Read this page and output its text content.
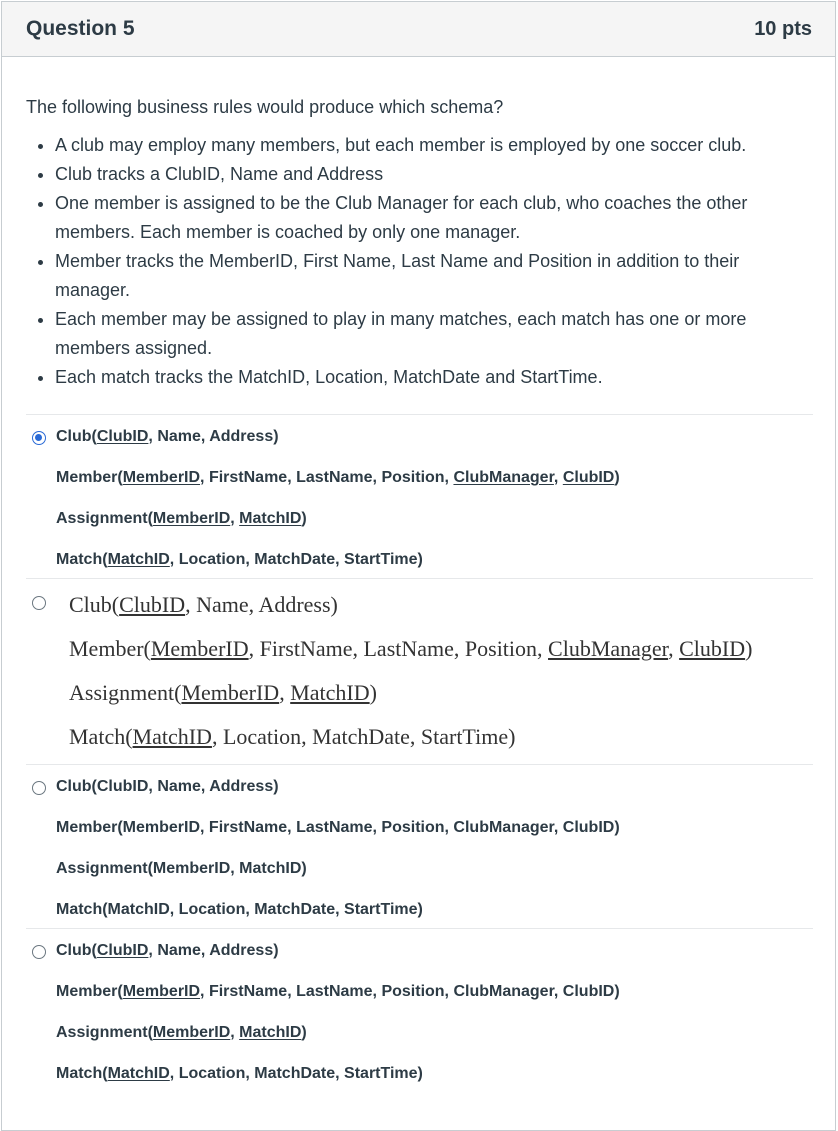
Question 5	10 pts
The following business rules would produce which schema?
• A club may employ many members, but each member is employed by one soccer club.
• Club tracks a ClubID, Name and Address
• One member is assigned to be the Club Manager for each club, who coaches the other members. Each member is coached by only one manager.
• Member tracks the MemberID, First Name, Last Name and Position in addition to their manager.
• Each member may be assigned to play in many matches, each match has one or more members assigned.
• Each match tracks the MatchID, Location, MatchDate and StartTime.
Club(ClubID, Name, Address)
Member(MemberID, FirstName, LastName, Position, ClubManager, ClubID)
Assignment(MemberID, MatchID)
Match(MatchID, Location, MatchDate, StartTime)
Club(ClubID, Name, Address)
Member(MemberID, FirstName, LastName, Position, ClubManager, ClubID)
Assignment(MemberID, MatchID)
Match(MatchID, Location, MatchDate, StartTime)
Club(ClubID, Name, Address)
Member(MemberID, FirstName, LastName, Position, ClubManager, ClubID)
Assignment(MemberID, MatchID)
Match(MatchID, Location, MatchDate, StartTime)
Club(ClubID, Name, Address)
Member(MemberID, FirstName, LastName, Position, ClubManager, ClubID)
Assignment(MemberID, MatchID)
Match(MatchID, Location, MatchDate, StartTime)
